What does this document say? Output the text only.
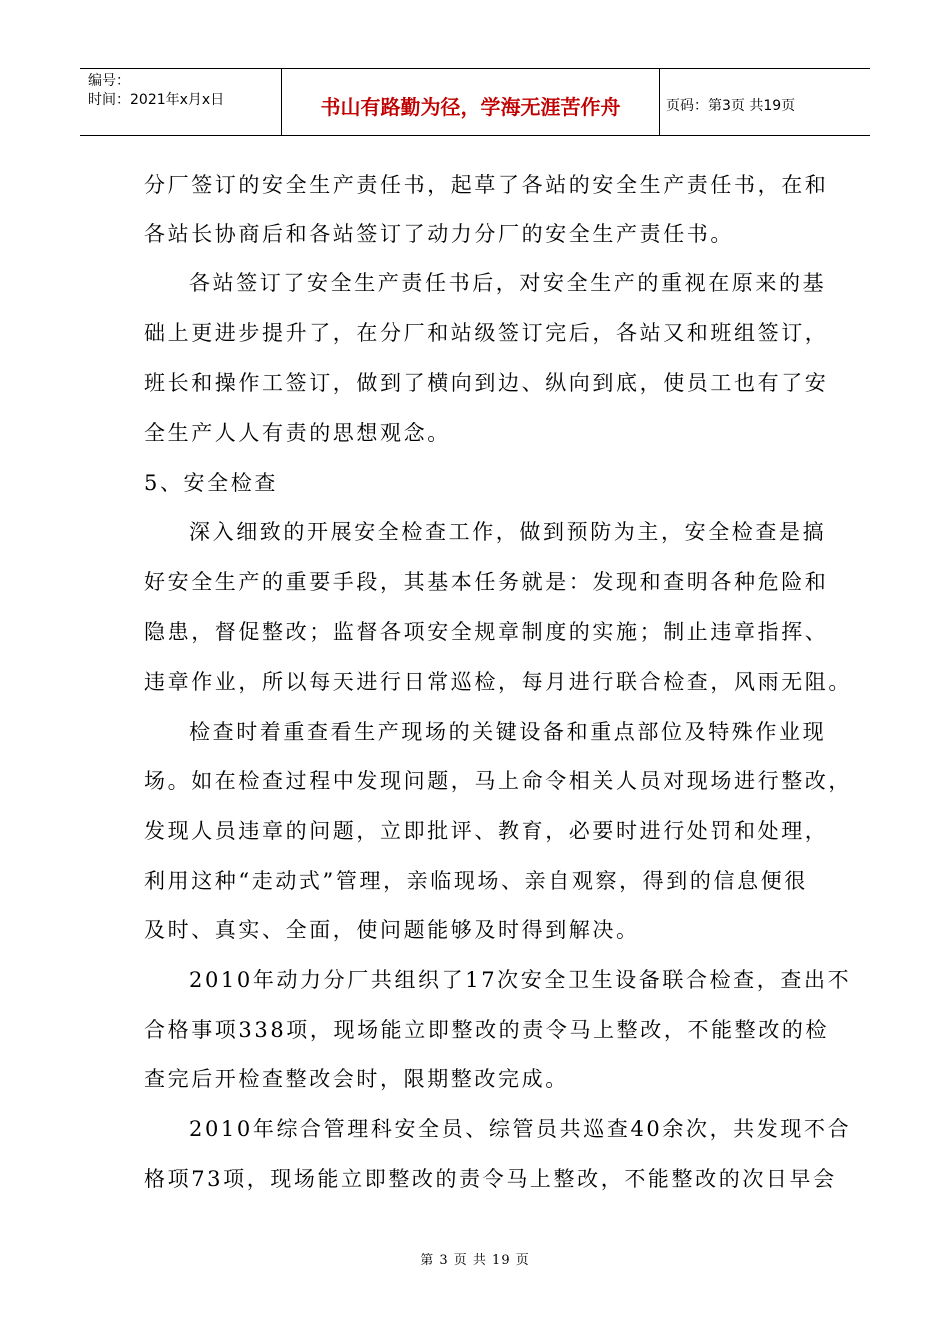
编号：
时间：2021年x月x日	书山有路勤为径，学海无涯苦作舟	页码：第3页 共19页
分厂签订的安全生产责任书，起草了各站的安全生产责任书，在和
各站长协商后和各站签订了动力分厂的安全生产责任书。
各站签订了安全生产责任书后，对安全生产的重视在原来的基
础上更进步提升了，在分厂和站级签订完后，各站又和班组签订，
班长和操作工签订，做到了横向到边、纵向到底，使员工也有了安
全生产人人有责的思想观念。
5、安全检查
深入细致的开展安全检查工作，做到预防为主，安全检查是搞
好安全生产的重要手段，其基本任务就是：发现和查明各种危险和
隐患，督促整改；监督各项安全规章制度的实施；制止违章指挥、
违章作业，所以每天进行日常巡检，每月进行联合检查，风雨无阻。
检查时着重查看生产现场的关键设备和重点部位及特殊作业现
场。如在检查过程中发现问题，马上命令相关人员对现场进行整改，
发现人员违章的问题，立即批评、教育，必要时进行处罚和处理，
利用这种“走动式”管理，亲临现场、亲自观察，得到的信息便很
及时、真实、全面，使问题能够及时得到解决。
2010年动力分厂共组织了17次安全卫生设备联合检查，查出不
合格事项338项，现场能立即整改的责令马上整改，不能整改的检
查完后开检查整改会时，限期整改完成。
2010年综合管理科安全员、综管员共巡查40余次，共发现不合
格项73项，现场能立即整改的责令马上整改，不能整改的次日早会
第 3 页 共 19 页
